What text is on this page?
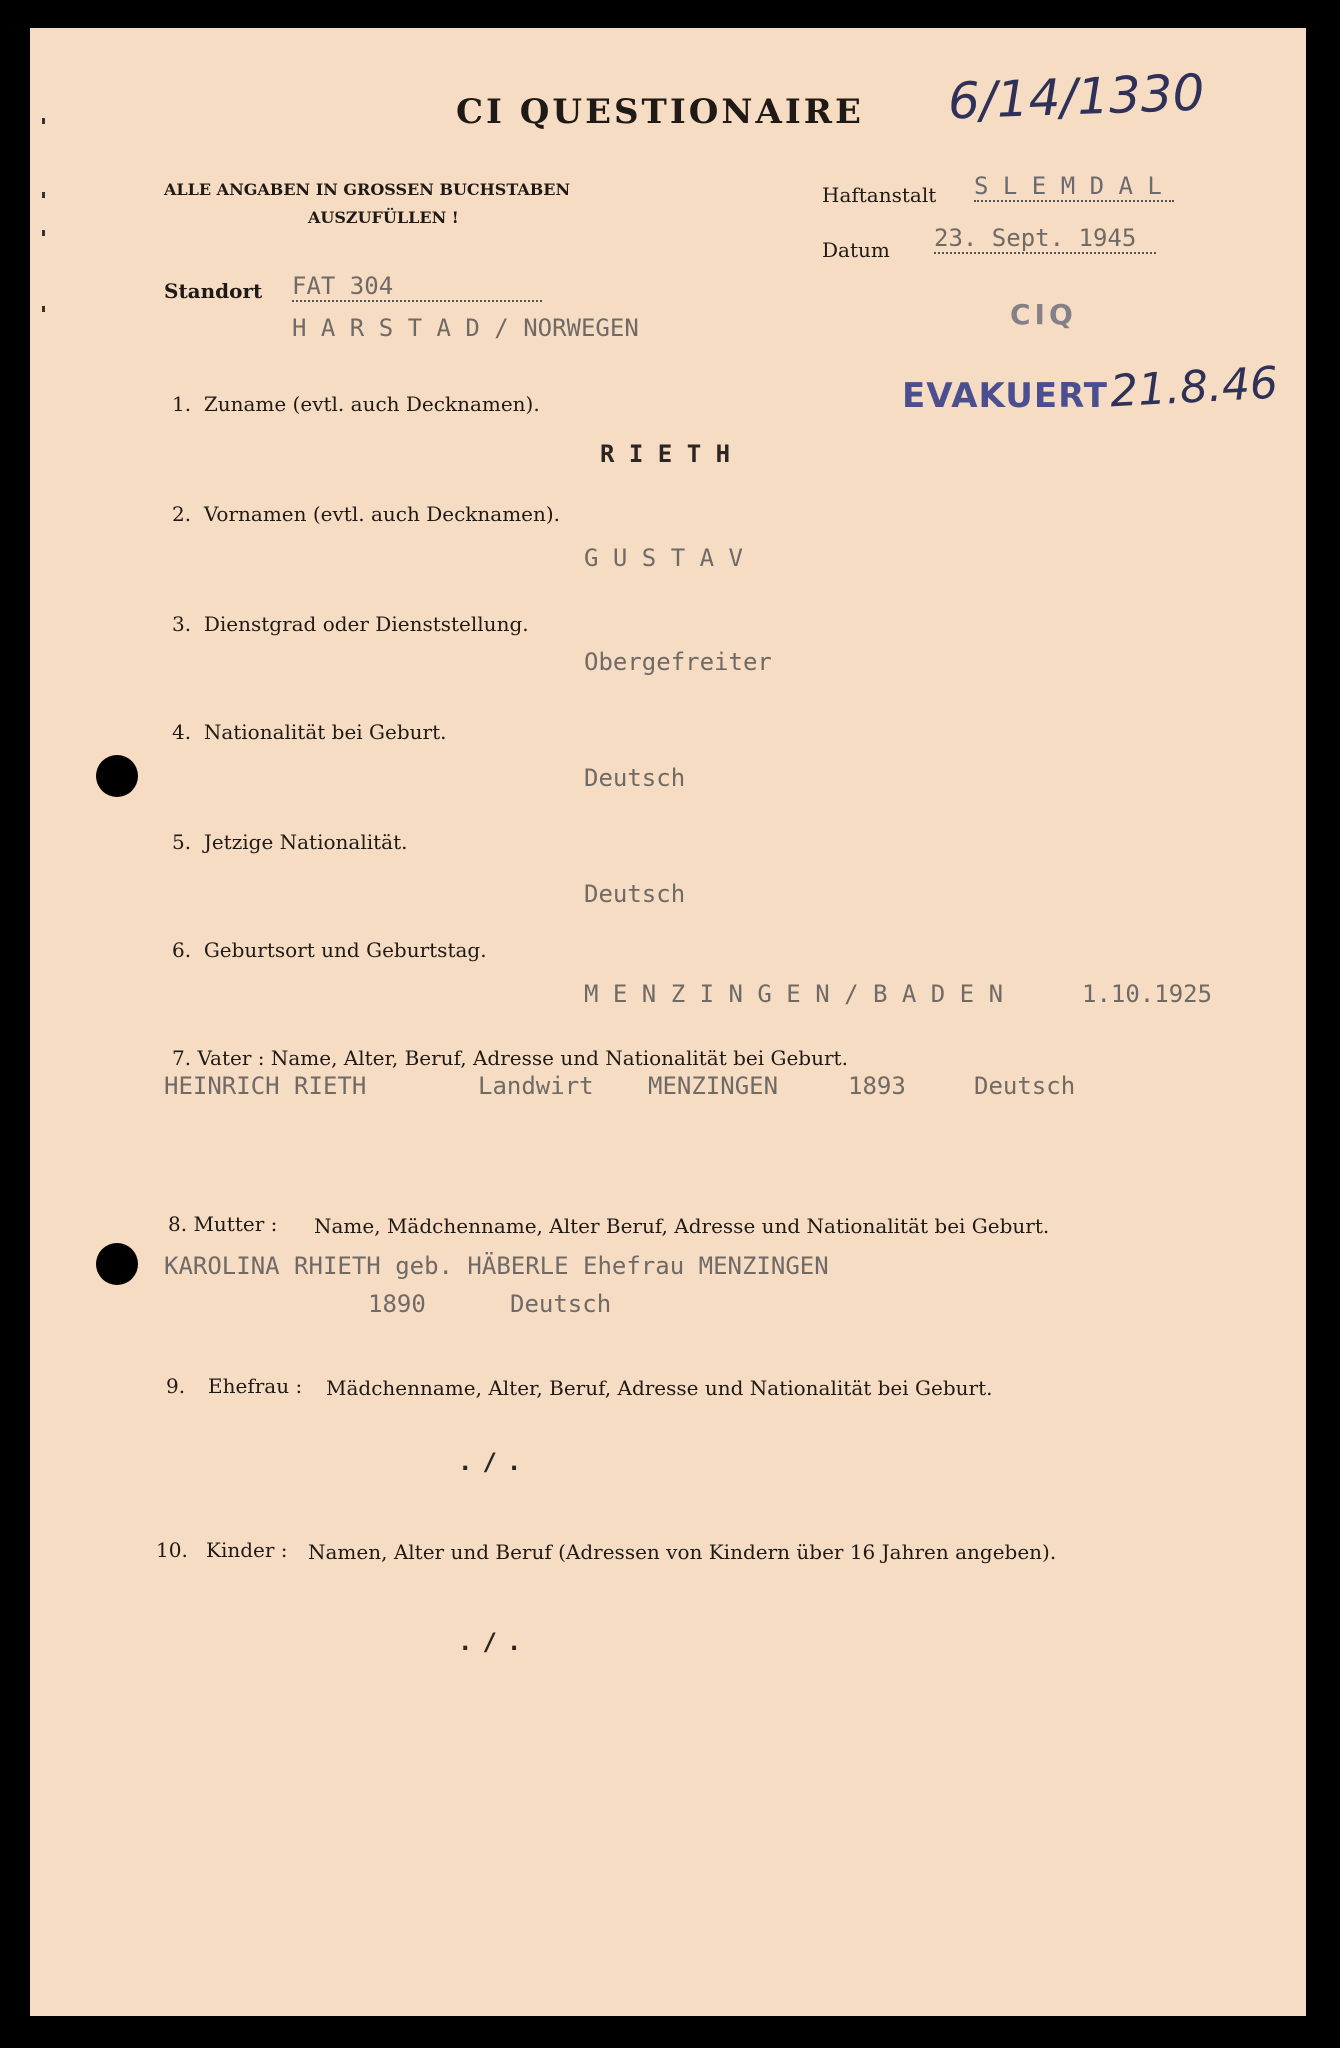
CI QUESTIONAIRE 6/14/1330
ALLE ANGABEN IN GROSSEN BUCHSTABEN
AUSZUFÜLLEN !
Haftanstalt S L E M D A L
Datum 23. Sept. 1945
Standort FAT 304
H A R S T A D / NORWEGEN	CIQ
EVAKUERT 21.8.46
1. Zuname (evtl. auch Decknamen).
R I E T H
2. Vornamen (evtl. auch Decknamen).
G U S T A V
3. Dienstgrad oder Dienststellung.
Obergefreiter
4. Nationalität bei Geburt.
Deutsch
5. Jetzige Nationalität.
Deutsch
6. Geburtsort und Geburtstag.
M E N Z I N G E N / B A D E N	1.10.1925
7. Vater : Name, Alter, Beruf, Adresse und Nationalität bei Geburt.
HEINRICH RIETH	Landwirt MENZINGEN	1893	Deutsch
8. Mutter : Name, Mädchenname, Alter Beruf, Adresse und Nationalität bei Geburt.
KAROLINA RHIETH geb. HÄBERLE Ehefrau MENZINGEN
1890	Deutsch
9. Ehefrau : Mädchenname, Alter, Beruf, Adresse und Nationalität bei Geburt.
./.
10. Kinder : Namen, Alter und Beruf (Adressen von Kindern über 16 Jahren angeben).
./.
